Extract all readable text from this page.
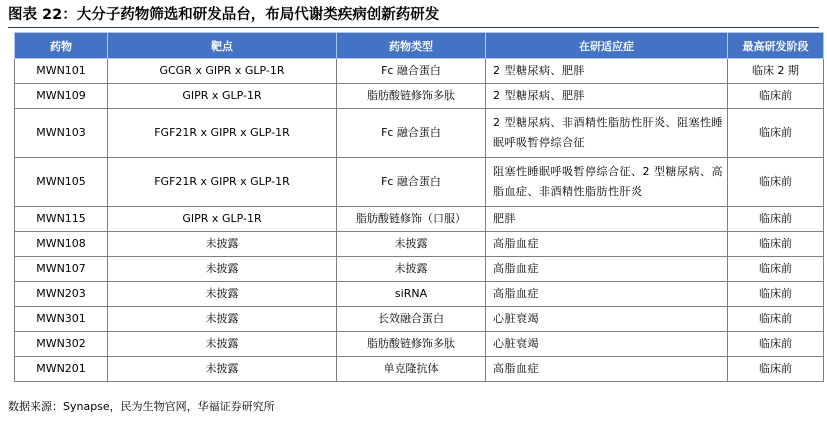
图表 22：大分子药物筛选和研发品台，布局代谢类疾病创新药研发
药物	靶点	药物类型	在研适应症	最高研发阶段
MWN101	GCGR x GIPR x GLP-1R	Fc 融合蛋白	2 型糖尿病、肥胖	临床 2 期
MWN109	GIPR x GLP-1R	脂肪酸链修饰多肽	2 型糖尿病、肥胖	临床前
MWN103	FGF21R x GIPR x GLP-1R	Fc 融合蛋白	2 型糖尿病、非酒精性脂肪性肝炎、阻塞性睡眠呼吸暂停综合征	临床前
MWN105	FGF21R x GIPR x GLP-1R	Fc 融合蛋白	阻塞性睡眠呼吸暂停综合征、2 型糖尿病、高脂血症、非酒精性脂肪性肝炎	临床前
MWN115	GIPR x GLP-1R	脂肪酸链修饰（口服）	肥胖	临床前
MWN108	未披露	未披露	高脂血症	临床前
MWN107	未披露	未披露	高脂血症	临床前
MWN203	未披露	siRNA	高脂血症	临床前
MWN301	未披露	长效融合蛋白	心脏衰竭	临床前
MWN302	未披露	脂肪酸链修饰多肽	心脏衰竭	临床前
MWN201	未披露	单克隆抗体	高脂血症	临床前
数据来源：Synapse，民为生物官网，华福证券研究所
